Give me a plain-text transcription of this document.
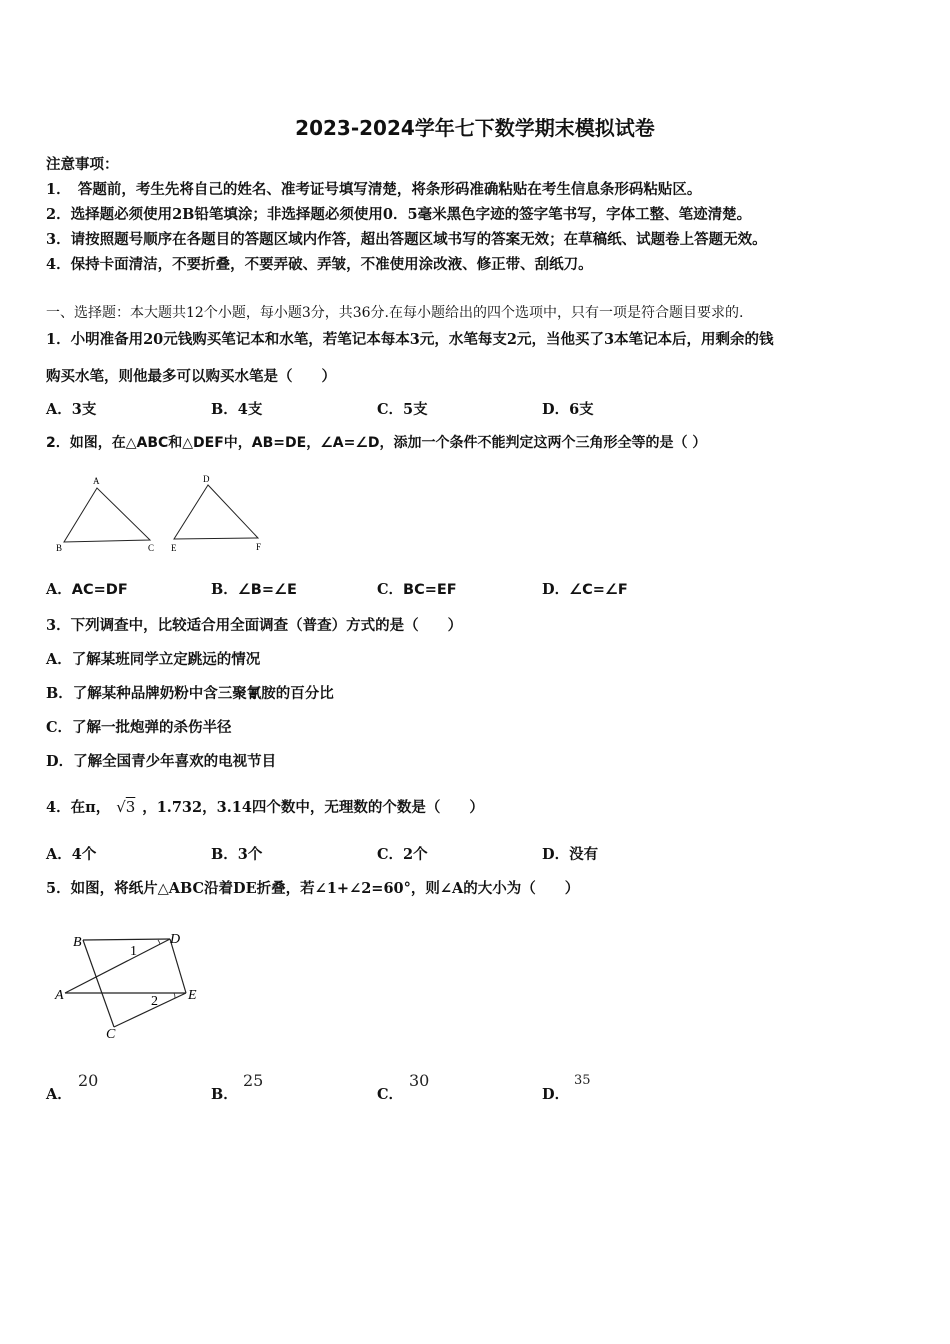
2023-2024学年七下数学期末模拟试卷
注意事项：
1．　答题前，考生先将自己的姓名、准考证号填写清楚，将条形码准确粘贴在考生信息条形码粘贴区。
2．选择题必须使用2B铅笔填涂；非选择题必须使用0．5毫米黑色字迹的签字笔书写，字体工整、笔迹清楚。
3．请按照题号顺序在各题目的答题区域内作答，超出答题区域书写的答案无效；在草稿纸、试题卷上答题无效。
4．保持卡面清洁，不要折叠，不要弄破、弄皱，不准使用涂改液、修正带、刮纸刀。
一、选择题：本大题共12个小题，每小题3分，共36分.在每小题给出的四个选项中，只有一项是符合题目要求的.
1．小明准备用20元钱购买笔记本和水笔，若笔记本每本3元，水笔每支2元，当他买了3本笔记本后，用剩余的钱
购买水笔，则他最多可以购买水笔是（　　）
A．3支	B．4支	C．5支	D．6支
2．如图，在△ABC和△DEF中，AB=DE，∠A=∠D，添加一个条件不能判定这两个三角形全等的是（ ）
A
B	C
D
E	F
A．AC=DF	B．∠B=∠E	C．BC=EF	D．∠C=∠F
3．下列调查中，比较适合用全面调查（普查）方式的是（　　）
A．了解某班同学立定跳远的情况
B．了解某种品牌奶粉中含三聚氰胺的百分比
C．了解一批炮弹的杀伤半径
D．了解全国青少年喜欢的电视节目
4．在π， √3 ，1.732，3.14四个数中，无理数的个数是（　　）
A．4个	B．3个	C．2个	D．没有
5．如图，将纸片△ABC沿着DE折叠，若∠1+∠2=60°，则∠A的大小为（　　）
B	D
A	E
C
1
2
A．
20
B．
25
C．
30
D．
35
